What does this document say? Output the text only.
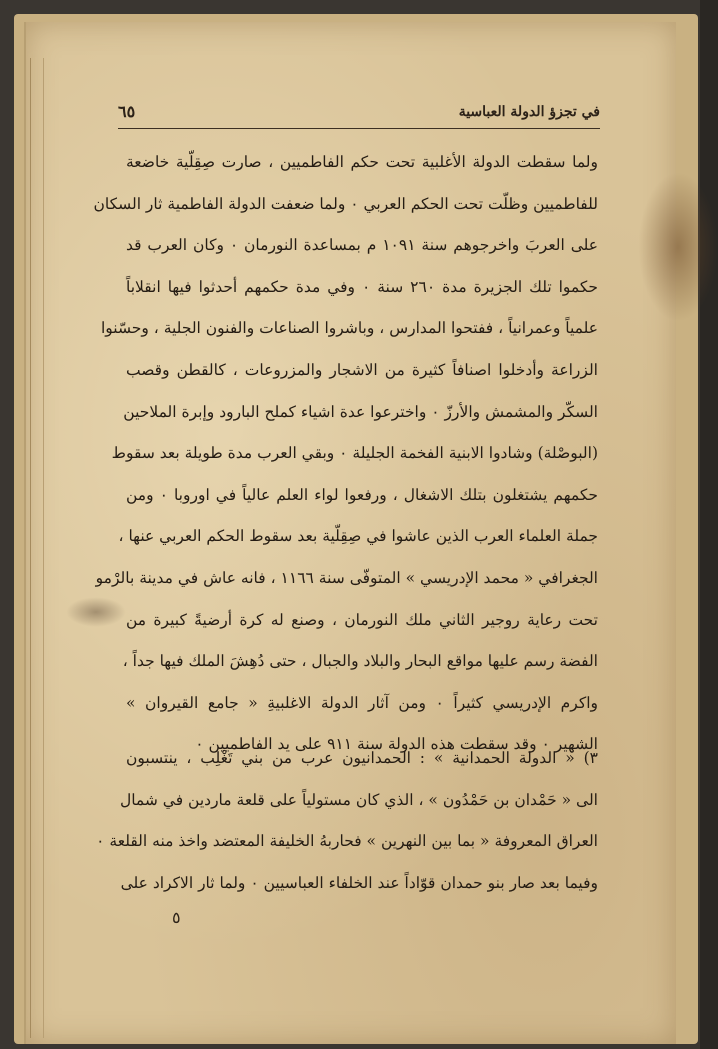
في تجزؤ الدولة العباسية
٦٥
ولما سقطت الدولة الأغلبية تحت حكم الفاطميين ، صارت صِقِلّية خاضعة
للفاطميين وظلّت تحت الحكم العربي ٠ ولما ضعفت الدولة الفاطمية ثار السكان
على العربَ واخرجوهم سنة ١٠٩١ م بمساعدة النورمان ٠ وكان العرب قد
حكموا تلك الجزيرة مدة ٢٦٠ سنة ٠ وفي مدة حكمهم أحدثوا فيها انقلاباً
علمياً وعمرانياً ، ففتحوا المدارس ، وباشروا الصناعات والفنون الجلية ، وحسّنوا
الزراعة وأدخلوا اصنافاً كثيرة من الاشجار والمزروعات ، كالقطن وقصب
السكّر والمشمش والأرزّ ٠ واخترعوا عدة اشياء كملح البارود وإبرة الملاحين
(البوصْلة) وشادوا الابنية الفخمة الجليلة ٠ وبقي العرب مدة طويلة بعد سقوط
حكمهم يشتغلون بتلك الاشغال ، ورفعوا لواء العلم عالياً في اوروبا ٠ ومن
جملة العلماء العرب الذين عاشوا في صِقِلّية بعد سقوط الحكم العربي عنها ،
الجغرافي « محمد الإدريسي » المتوفّى سنة ١١٦٦ ، فانه عاش في مدينة بالرْمو
تحت رعاية روجير الثاني ملك النورمان ، وصنع له كرة أرضيةً كبيرة من
الفضة رسم عليها مواقع البحار والبلاد والجبال ، حتى دُهِشَ الملك فيها جداً ،
واكرم الإدريسي كثيراً ٠ ومن آثار الدولة الاغلبيةِ « جامع القيروان »
الشهير ٠ وقد سقطت هذه الدولة سنة ٩١١ على يد الفاطميين ٠
٣) « الدولة الحمدانية » : الحمدانيون عرب من بني تَغْلِب ، ينتسبون
الى « حَمْدان بن حَمْدُون » ، الذي كان مستولياً على قلعة ماردين في شمال
العراق المعروفة « بما بين النهرين » فحاربهُ الخليفة المعتضد واخذ منه القلعة ٠
وفيما بعد صار بنو حمدان قوّاداً عند الخلفاء العباسيين ٠ ولما ثار الاكراد على
٥
